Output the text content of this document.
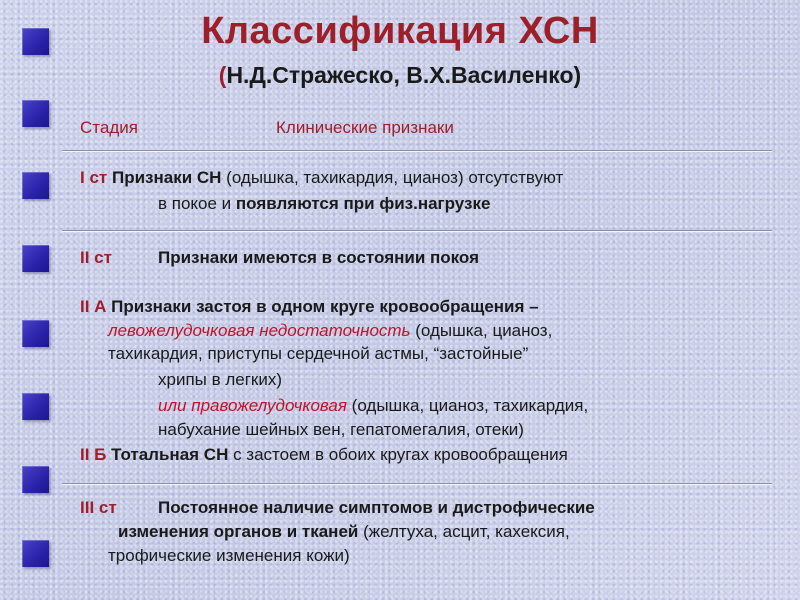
Классификация ХСН
(Н.Д.Стражеско, В.Х.Василенко)
Стадия	Клинические признаки
I ст Признаки СН (одышка, тахикардия, цианоз) отсутствуют
в покое и появляются при физ.нагрузке
II ст	Признаки имеются в состоянии покоя
II А Признаки застоя в одном круге кровообращения –
левожелудочковая недостаточность (одышка, цианоз,
тахикардия, приступы сердечной астмы, “застойные”
хрипы в легких)
или правожелудочковая (одышка, цианоз, тахикардия,
набухание шейных вен, гепатомегалия, отеки)
II Б Тотальная СН с застоем в обоих кругах кровообращения
III ст Постоянное наличие симптомов и дистрофические
изменения органов и тканей (желтуха, асцит, кахексия,
трофические изменения кожи)
